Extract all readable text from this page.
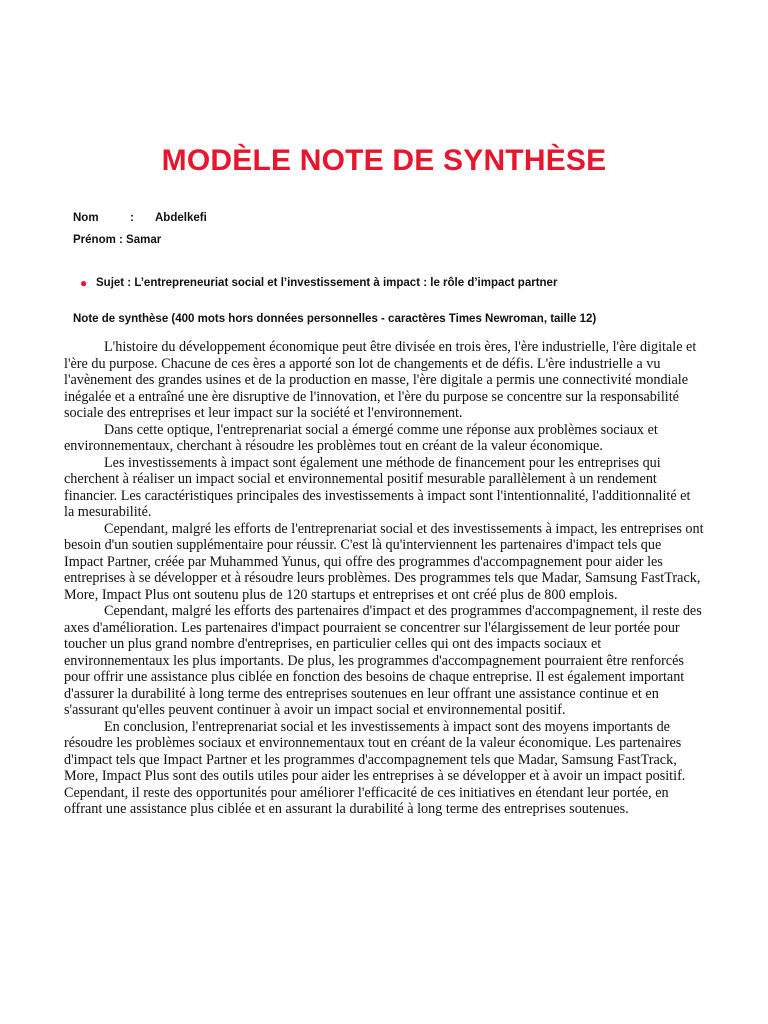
MODÈLE NOTE DE SYNTHÈSE
Nom	: Abdelkefi
Prénom : Samar
● Sujet : L’entrepreneuriat social et l’investissement à impact : le rôle d’impact partner
Note de synthèse (400 mots hors données personnelles - caractères Times Newroman, taille 12)

L'histoire du développement économique peut être divisée en trois ères, l'ère industrielle, l'ère digitale et l'ère du purpose. Chacune de ces ères a apporté son lot de changements et de défis. L'ère industrielle a vu l'avènement des grandes usines et de la production en masse, l'ère digitale a permis une connectivité mondiale inégalée et a entraîné une ère disruptive de l'innovation, et l'ère du purpose se concentre sur la responsabilité sociale des entreprises et leur impact sur la société et l'environnement.

Dans cette optique, l'entreprenariat social a émergé comme une réponse aux problèmes sociaux et environnementaux, cherchant à résoudre les problèmes tout en créant de la valeur économique.

Les investissements à impact sont également une méthode de financement pour les entreprises qui cherchent à réaliser un impact social et environnemental positif mesurable parallèlement à un rendement financier. Les caractéristiques principales des investissements à impact sont l'intentionnalité, l'additionnalité et la mesurabilité.

Cependant, malgré les efforts de l'entreprenariat social et des investissements à impact, les entreprises ont besoin d'un soutien supplémentaire pour réussir. C'est là qu'interviennent les partenaires d'impact tels que Impact Partner, créée par Muhammed Yunus, qui offre des programmes d'accompagnement pour aider les entreprises à se développer et à résoudre leurs problèmes. Des programmes tels que Madar, Samsung FastTrack, More, Impact Plus ont soutenu plus de 120 startups et entreprises et ont créé plus de 800 emplois.

Cependant, malgré les efforts des partenaires d'impact et des programmes d'accompagnement, il reste des axes d'amélioration. Les partenaires d'impact pourraient se concentrer sur l'élargissement de leur portée pour toucher un plus grand nombre d'entreprises, en particulier celles qui ont des impacts sociaux et environnementaux les plus importants. De plus, les programmes d'accompagnement pourraient être renforcés pour offrir une assistance plus ciblée en fonction des besoins de chaque entreprise. Il est également important d'assurer la durabilité à long terme des entreprises soutenues en leur offrant une assistance continue et en s'assurant qu'elles peuvent continuer à avoir un impact social et environnemental positif.

En conclusion, l'entreprenariat social et les investissements à impact sont des moyens importants de résoudre les problèmes sociaux et environnementaux tout en créant de la valeur économique. Les partenaires d'impact tels que Impact Partner et les programmes d'accompagnement tels que Madar, Samsung FastTrack, More, Impact Plus sont des outils utiles pour aider les entreprises à se développer et à avoir un impact positif. Cependant, il reste des opportunités pour améliorer l'efficacité de ces initiatives en étendant leur portée, en offrant une assistance plus ciblée et en assurant la durabilité à long terme des entreprises soutenues.
